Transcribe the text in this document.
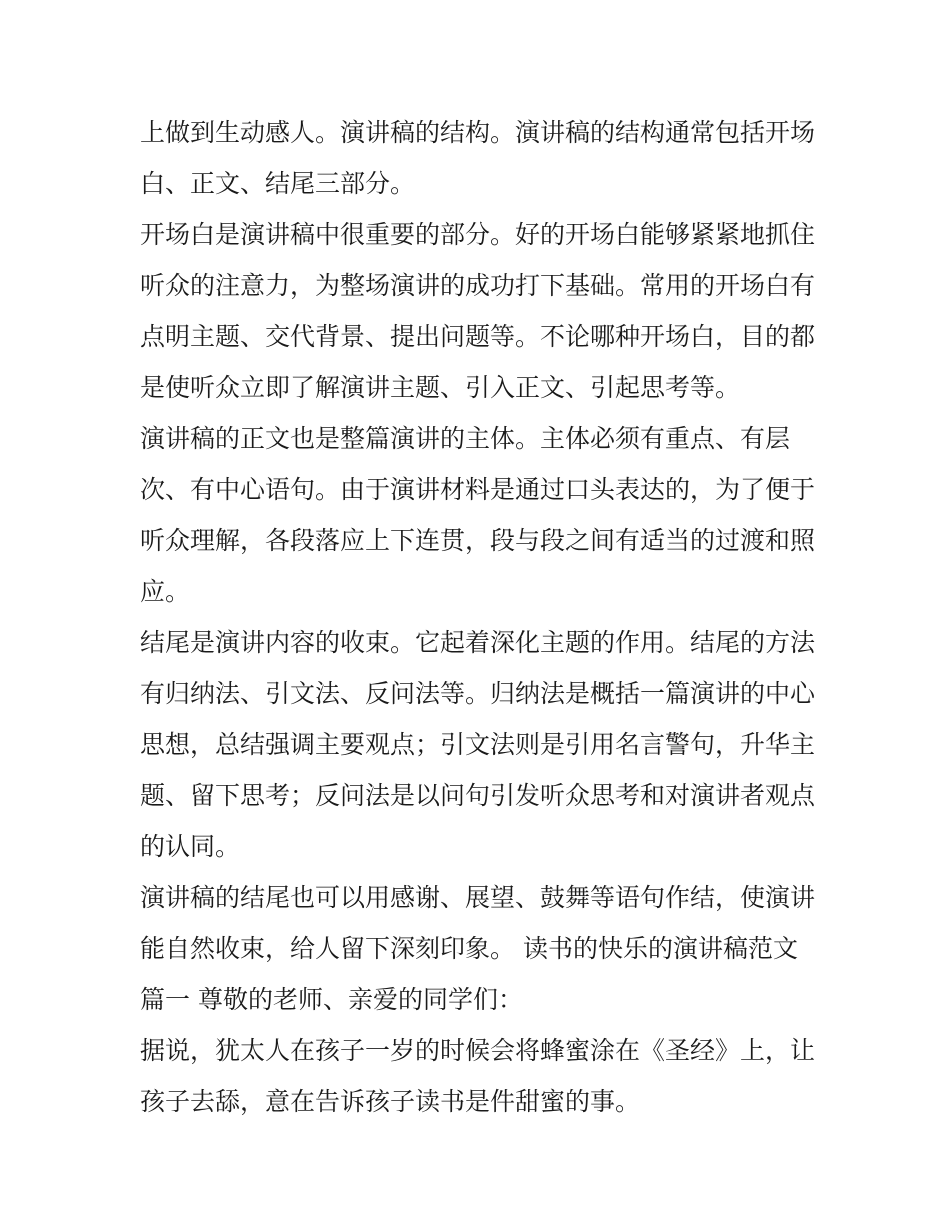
上做到生动感人。演讲稿的结构。演讲稿的结构通常包括开场
白、正文、结尾三部分。
开场白是演讲稿中很重要的部分。好的开场白能够紧紧地抓住
听众的注意力，为整场演讲的成功打下基础。常用的开场白有
点明主题、交代背景、提出问题等。不论哪种开场白，目的都
是使听众立即了解演讲主题、引入正文、引起思考等。
演讲稿的正文也是整篇演讲的主体。主体必须有重点、有层
次、有中心语句。由于演讲材料是通过口头表达的，为了便于
听众理解，各段落应上下连贯，段与段之间有适当的过渡和照
应。
结尾是演讲内容的收束。它起着深化主题的作用。结尾的方法
有归纳法、引文法、反问法等。归纳法是概括一篇演讲的中心
思想，总结强调主要观点；引文法则是引用名言警句，升华主
题、留下思考；反问法是以问句引发听众思考和对演讲者观点
的认同。
演讲稿的结尾也可以用感谢、展望、鼓舞等语句作结，使演讲
能自然收束，给人留下深刻印象。 读书的快乐的演讲稿范文
篇一 尊敬的老师、亲爱的同学们：
据说，犹太人在孩子一岁的时候会将蜂蜜涂在《圣经》上，让
孩子去舔，意在告诉孩子读书是件甜蜜的事。
